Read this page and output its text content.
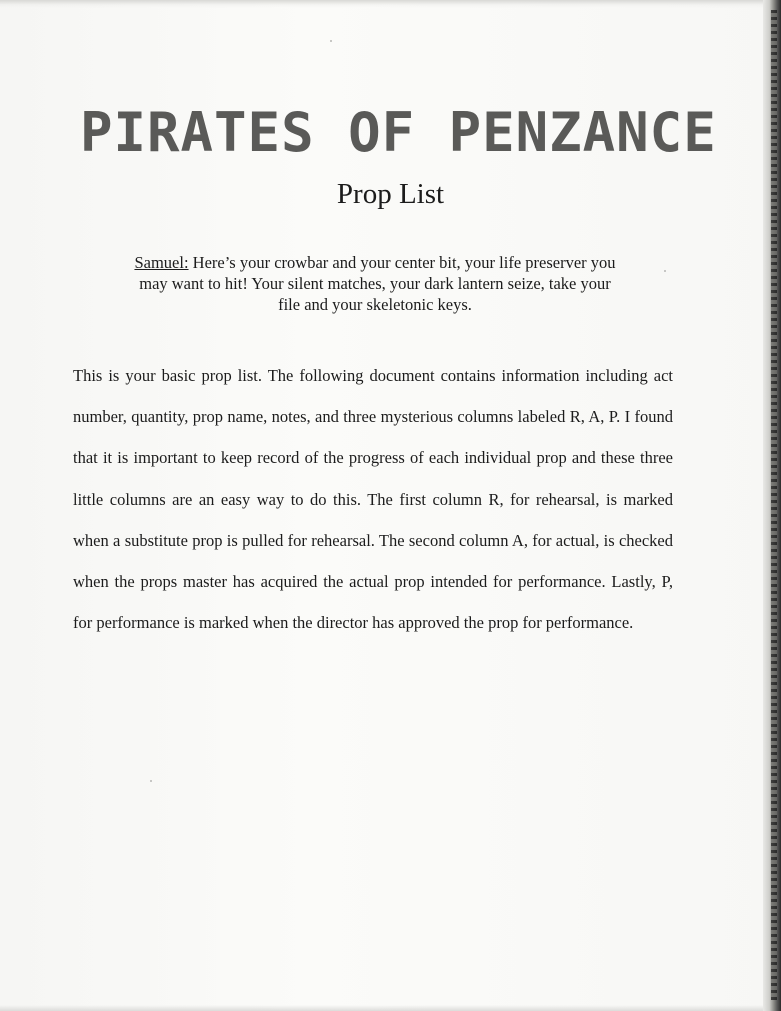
PIRATES OF PENZANCE
Prop List
Samuel: Here’s your crowbar and your center bit, your life preserver you may want to hit! Your silent matches, your dark lantern seize, take your file and your skeletonic keys.
This is your basic prop list. The following document contains information including act number, quantity, prop name, notes, and three mysterious columns labeled R, A, P. I found that it is important to keep record of the progress of each individual prop and these three little columns are an easy way to do this. The first column R, for rehearsal, is marked when a substitute prop is pulled for rehearsal. The second column A, for actual, is checked when the props master has acquired the actual prop intended for performance. Lastly, P, for performance is marked when the director has approved the prop for performance.
